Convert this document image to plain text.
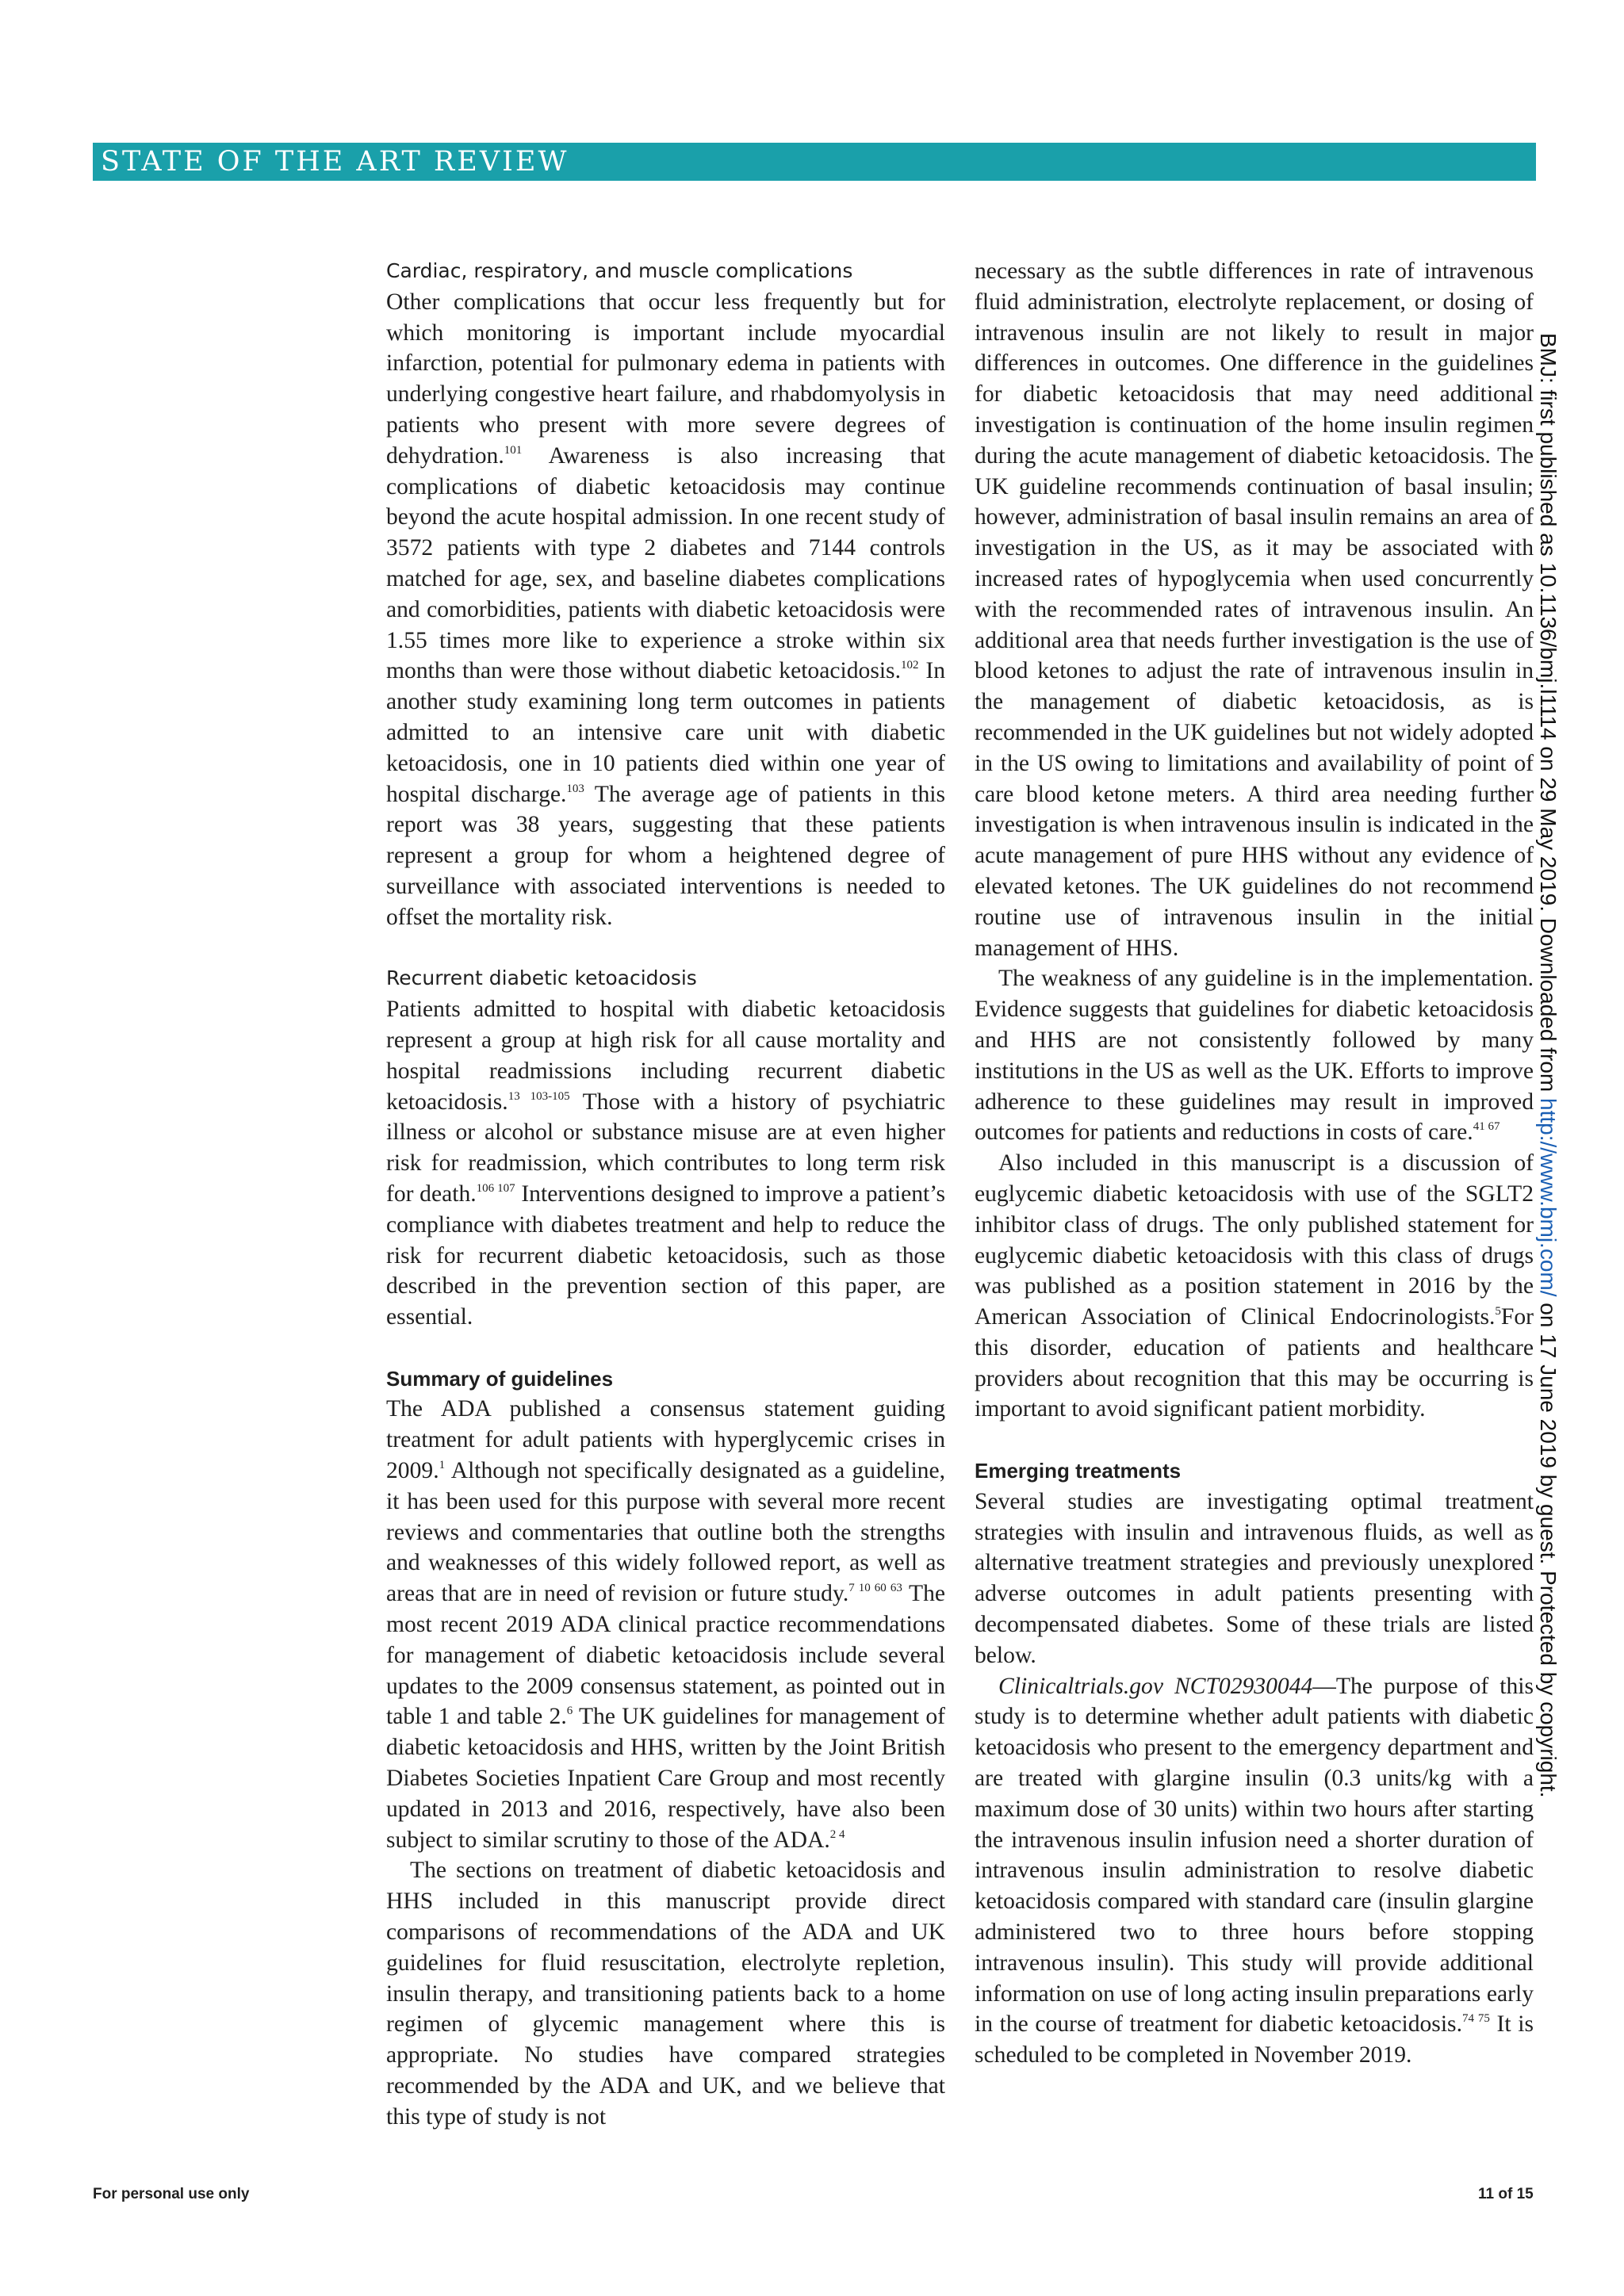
STATE OF THE ART REVIEW
Cardiac, respiratory, and muscle complications

Other complications that occur less frequently but for which monitoring is important include myocardial infarction, potential for pulmonary edema in patients with underlying congestive heart failure, and rhabdomyolysis in patients who present with more severe degrees of dehydration.$^{101}$ Awareness is also increasing that complications of diabetic ketoacidosis may continue beyond the acute hospital admission. In one recent study of 3572 patients with type 2 diabetes and 7144 controls matched for age, sex, and baseline diabetes complications and comorbidities, patients with diabetic ketoacidosis were 1.55 times more like to experience a stroke within six months than were those without diabetic ketoacidosis.$^{102}$ In another study examining long term outcomes in patients admitted to an intensive care unit with diabetic ketoacidosis, one in 10 patients died within one year of hospital discharge.$^{103}$ The average age of patients in this report was 38 years, suggesting that these patients represent a group for whom a heightened degree of surveillance with associated interventions is needed to offset the mortality risk.

Recurrent diabetic ketoacidosis

Patients admitted to hospital with diabetic ketoacidosis represent a group at high risk for all cause mortality and hospital readmissions including recurrent diabetic ketoacidosis.$^{13 103-105}$ Those with a history of psychiatric illness or alcohol or substance misuse are at even higher risk for readmission, which contributes to long term risk for death.$^{106 107}$ Interventions designed to improve a patient’s compliance with diabetes treatment and help to reduce the risk for recurrent diabetic ketoacidosis, such as those described in the prevention section of this paper, are essential.

Summary of guidelines

The ADA published a consensus statement guiding treatment for adult patients with hyperglycemic crises in 2009.$^1$ Although not specifically designated as a guideline, it has been used for this purpose with several more recent reviews and commentaries that outline both the strengths and weaknesses of this widely followed report, as well as areas that are in need of revision or future study.$^{7 10 60 63}$ The most recent 2019 ADA clinical practice recommendations for management of diabetic ketoacidosis include several updates to the 2009 consensus statement, as pointed out in table 1 and table 2.$^6$ The UK guidelines for management of diabetic ketoacidosis and HHS, written by the Joint British Diabetes Societies Inpatient Care Group and most recently updated in 2013 and 2016, respectively, have also been subject to similar scrutiny to those of the ADA.$^{2 4}$

The sections on treatment of diabetic ketoacidosis and HHS included in this manuscript provide direct comparisons of recommendations of the ADA and UK guidelines for fluid resuscitation, electrolyte repletion, insulin therapy, and transitioning patients back to a home regimen of glycemic management where this is appropriate. No studies have compared strategies recommended by the ADA and UK, and we believe that this type of study is not

necessary as the subtle differences in rate of intravenous fluid administration, electrolyte replacement, or dosing of intravenous insulin are not likely to result in major differences in outcomes. One difference in the guidelines for diabetic ketoacidosis that may need additional investigation is continuation of the home insulin regimen during the acute management of diabetic ketoacidosis. The UK guideline recommends continuation of basal insulin; however, administration of basal insulin remains an area of investigation in the US, as it may be associated with increased rates of hypoglycemia when used concurrently with the recommended rates of intravenous insulin. An additional area that needs further investigation is the use of blood ketones to adjust the rate of intravenous insulin in the management of diabetic ketoacidosis, as is recommended in the UK guidelines but not widely adopted in the US owing to limitations and availability of point of care blood ketone meters. A third area needing further investigation is when intravenous insulin is indicated in the acute management of pure HHS without any evidence of elevated ketones. The UK guidelines do not recommend routine use of intravenous insulin in the initial management of HHS.

The weakness of any guideline is in the implementation. Evidence suggests that guidelines for diabetic ketoacidosis and HHS are not consistently followed by many institutions in the US as well as the UK. Efforts to improve adherence to these guidelines may result in improved outcomes for patients and reductions in costs of care.$^{41 67}$

Also included in this manuscript is a discussion of euglycemic diabetic ketoacidosis with use of the SGLT2 inhibitor class of drugs. The only published statement for euglycemic diabetic ketoacidosis with this class of drugs was published as a position statement in 2016 by the American Association of Clinical Endocrinologists.$^5$For this disorder, education of patients and healthcare providers about recognition that this may be occurring is important to avoid significant patient morbidity.

Emerging treatments

Several studies are investigating optimal treatment strategies with insulin and intravenous fluids, as well as alternative treatment strategies and previously unexplored adverse outcomes in adult patients presenting with decompensated diabetes. Some of these trials are listed below.

Clinicaltrials.gov NCT02930044—The purpose of this study is to determine whether adult patients with diabetic ketoacidosis who present to the emergency department and are treated with glargine insulin (0.3 units/kg with a maximum dose of 30 units) within two hours after starting the intravenous insulin infusion need a shorter duration of intravenous insulin administration to resolve diabetic ketoacidosis compared with standard care (insulin glargine administered two to three hours before stopping intravenous insulin). This study will provide additional information on use of long acting insulin preparations early in the course of treatment for diabetic ketoacidosis.$^{74 75}$ It is scheduled to be completed in November 2019.

BMJ: first published as 10.1136/bmj.l1114 on 29 May 2019. Downloaded from http://www.bmj.com/ on 17 June 2019 by guest. Protected by copyright.
For personal use only	11 of 15
